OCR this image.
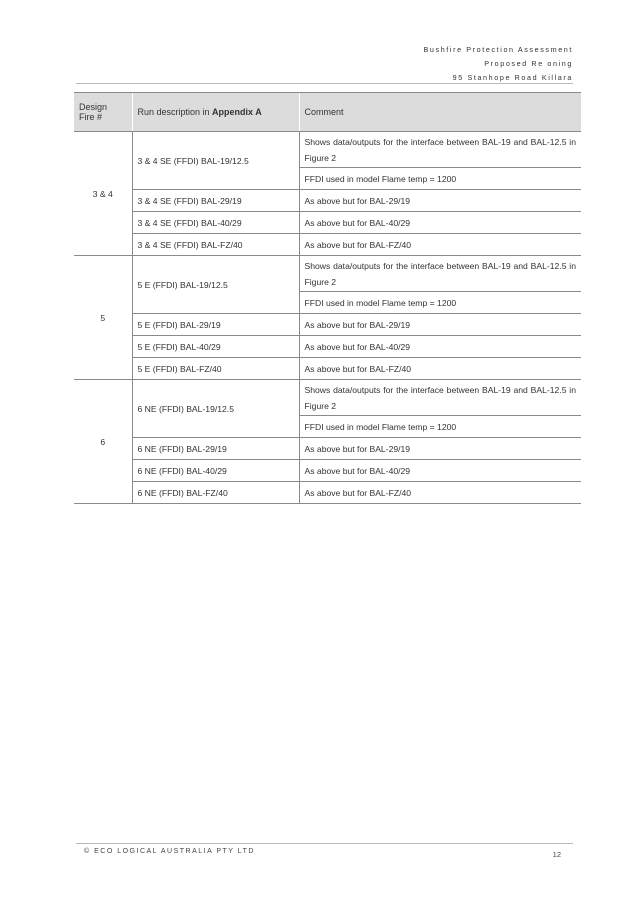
Bushfire Protection Assessment
Proposed Re oning
95 Stanhope Road Killara
Design
Fire #	Run description in Appendix A	Comment
3 & 4	3 & 4 SE (FFDI) BAL-19/12.5	Shows data/outputs for the interface between BAL-19 and BAL-12.5 in Figure 2
		FFDI used in model Flame temp = 1200
	3 & 4 SE (FFDI) BAL-29/19	As above but for BAL-29/19
	3 & 4 SE (FFDI) BAL-40/29	As above but for BAL-40/29
	3 & 4 SE (FFDI) BAL-FZ/40	As above but for BAL-FZ/40
5	5 E (FFDI) BAL-19/12.5	Shows data/outputs for the interface between BAL-19 and BAL-12.5 in Figure 2
		FFDI used in model Flame temp = 1200
	5 E (FFDI) BAL-29/19	As above but for BAL-29/19
	5 E (FFDI) BAL-40/29	As above but for BAL-40/29
	5 E (FFDI) BAL-FZ/40	As above but for BAL-FZ/40
6	6 NE (FFDI) BAL-19/12.5	Shows data/outputs for the interface between BAL-19 and BAL-12.5 in Figure 2
		FFDI used in model Flame temp = 1200
	6 NE (FFDI) BAL-29/19	As above but for BAL-29/19
	6 NE (FFDI) BAL-40/29	As above but for BAL-40/29
	6 NE (FFDI) BAL-FZ/40	As above but for BAL-FZ/40
© ECO LOGICAL AUSTRALIA PTY LTD	12
